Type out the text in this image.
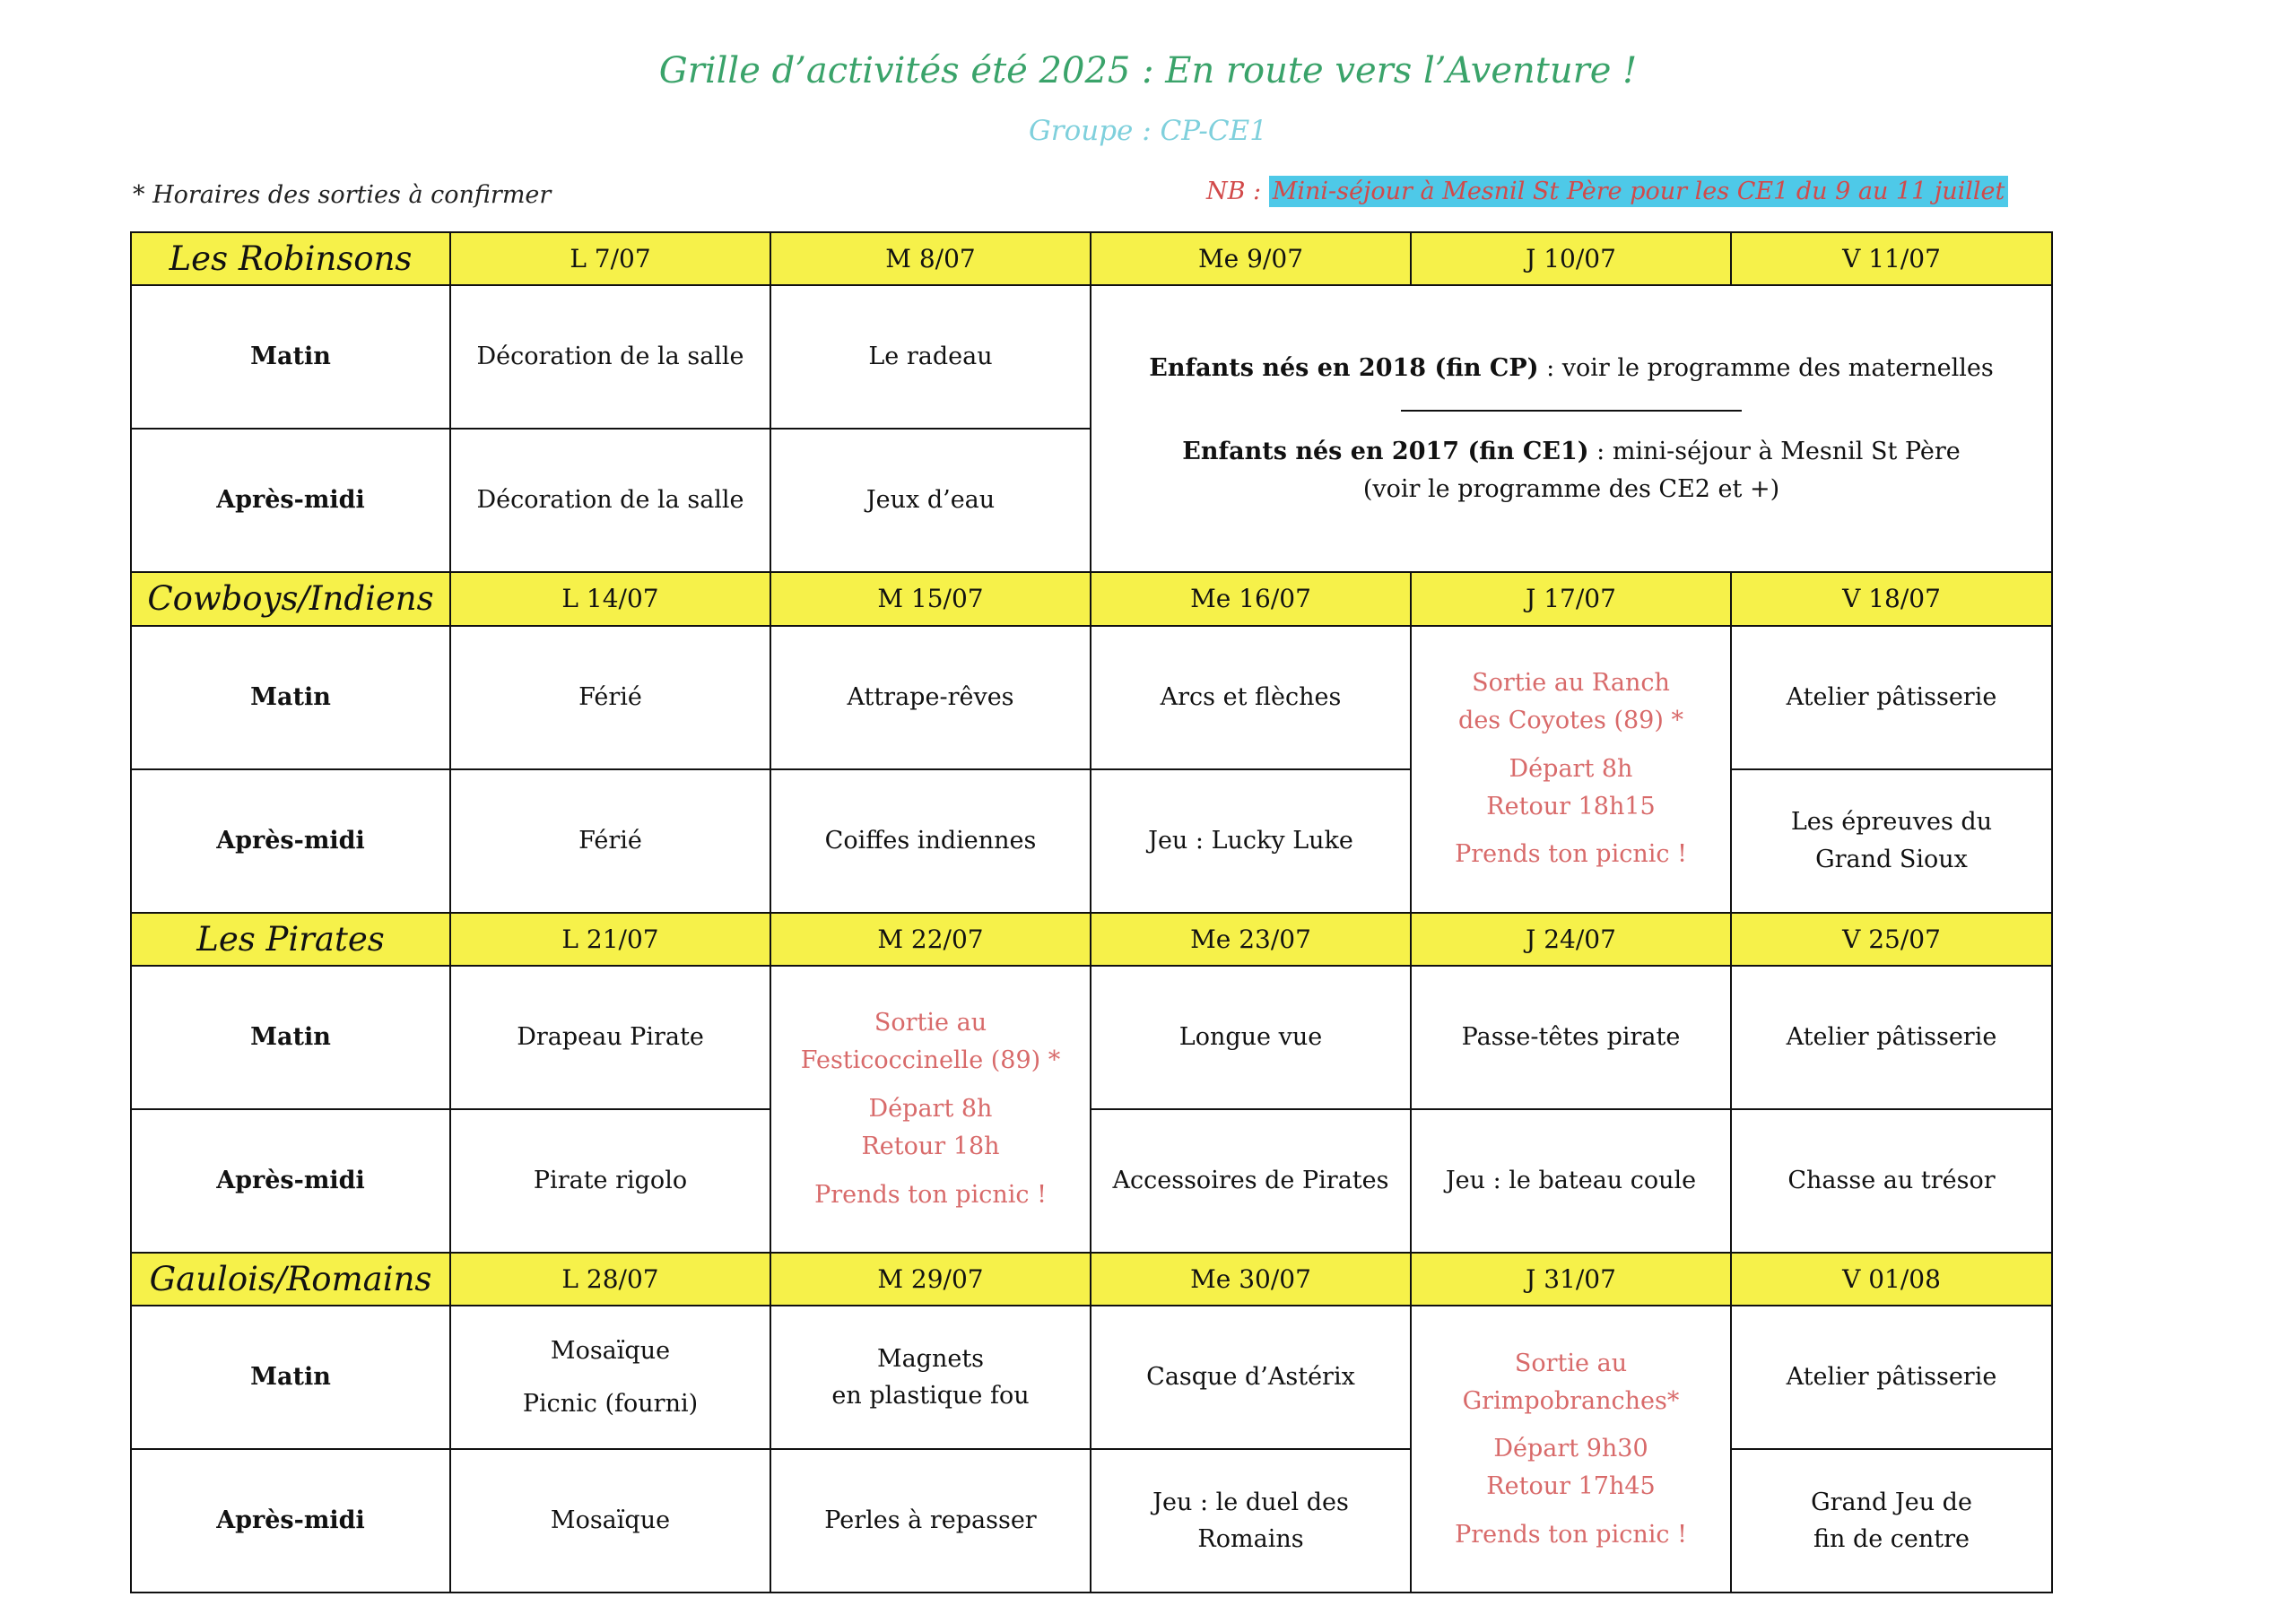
Grille d’activités été 2025 : En route vers l’Aventure !
Groupe : CP-CE1
* Horaires des sorties à confirmer	NB : Mini-séjour à Mesnil St Père pour les CE1 du 9 au 11 juillet
Les Robinsons	L 7/07	M 8/07	Me 9/07	J 10/07	V 11/07
Matin	Décoration de la salle	Le radeau	Enfants nés en 2018 (fin CP) : voir le programme des maternelles
Enfants nés en 2017 (fin CE1) : mini-séjour à Mesnil St Père
(voir le programme des CE2 et +)		

Après-midi	Décoration de la salle	Jeux d’eau			
Cowboys/Indiens	L 14/07	M 15/07	Me 16/07	J 17/07	V 18/07
Matin	Férié	Attrape-rêves	Arcs et flèches	Sortie au Ranch
des Coyotes (89) *
Départ 8h
Retour 18h15
Prends ton picnic !	Atelier pâtisserie
Après-midi	Férié	Coiffes indiennes	Jeu : Lucky Luke		Les épreuves du
Grand Sioux

Les Pirates	L 21/07	M 22/07	Me 23/07	J 24/07	V 25/07
Matin	Drapeau Pirate	Sortie au
Festicoccinelle (89) *
Départ 8h
Retour 18h
Prends ton picnic !	Longue vue	Passe-têtes pirate	Atelier pâtisserie
Après-midi	Pirate rigolo		Accessoires de Pirates	Jeu : le bateau coule	Chasse au trésor
Gaulois/Romains	L 28/07	M 29/07	Me 30/07	J 31/07	V 01/08
Matin	Mosaïque
Picnic (fourni)	Magnets
en plastique fou	Casque d’Astérix	Sortie au
Grimpobranches*
Départ 9h30
Retour 17h45
Prends ton picnic !	Atelier pâtisserie
Après-midi	Mosaïque	Perles à repasser	Jeu : le duel des
Romains		Grand Jeu de
fin de centre
